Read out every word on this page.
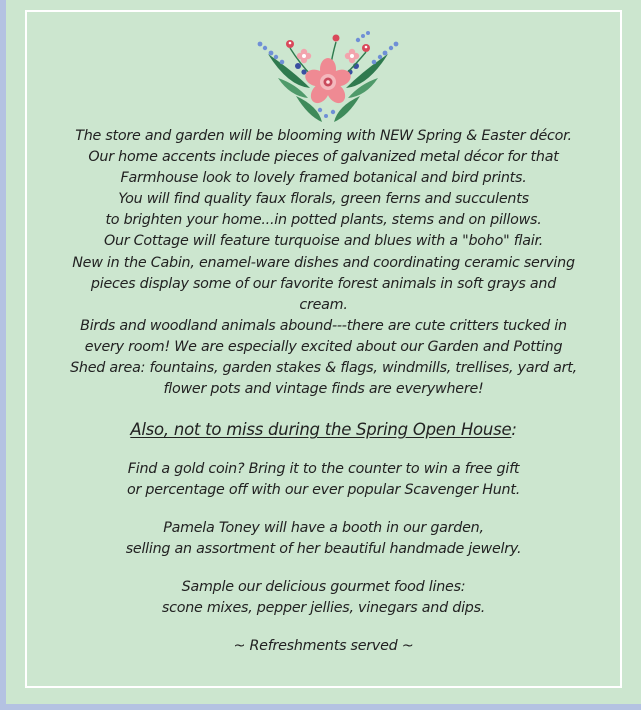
The store and garden will be blooming with NEW Spring & Easter décor.

Our home accents include pieces of galvanized metal décor for that

Farmhouse look to lovely framed botanical and bird prints.

You will find quality faux florals, green ferns and succulents

to brighten your home...in potted plants, stems and on pillows.

Our Cottage will feature turquoise and blues with a "boho" flair.

New in the Cabin, enamel-ware dishes and coordinating ceramic serving

pieces display some of our favorite forest animals in soft grays and

cream.

Birds and woodland animals abound---there are cute critters tucked in

every room! We are especially excited about our Garden and Potting

Shed area: fountains, garden stakes & flags, windmills, trellises, yard art,

flower pots and vintage finds are everywhere!

Also, not to miss during the Spring Open House:

Find a gold coin? Bring it to the counter to win a free gift

or percentage off with our ever popular Scavenger Hunt.

Pamela Toney will have a booth in our garden,

selling an assortment of her beautiful handmade jewelry.

Sample our delicious gourmet food lines:

scone mixes, pepper jellies, vinegars and dips.

~ Refreshments served ~
